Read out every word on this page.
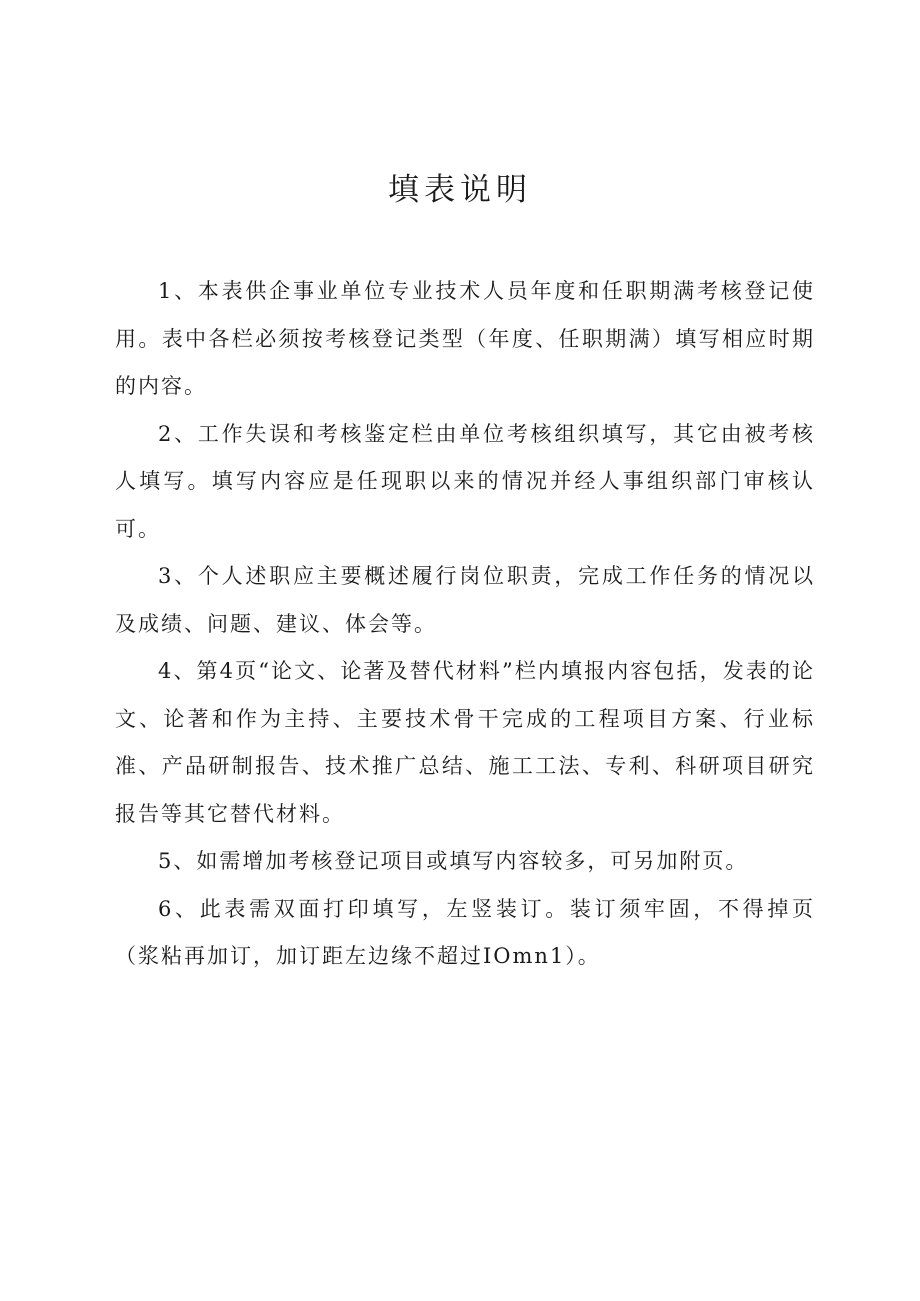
填表说明

1、本表供企事业单位专业技术人员年度和任职期满考核登记使用。表中各栏必须按考核登记类型（年度、任职期满）填写相应时期的内容。

2、工作失误和考核鉴定栏由单位考核组织填写，其它由被考核人填写。填写内容应是任现职以来的情况并经人事组织部门审核认可。

3、个人述职应主要概述履行岗位职责，完成工作任务的情况以及成绩、问题、建议、体会等。

4、第4页“论文、论著及替代材料”栏内填报内容包括，发表的论文、论著和作为主持、主要技术骨干完成的工程项目方案、行业标准、产品研制报告、技术推广总结、施工工法、专利、科研项目研究报告等其它替代材料。

5、如需增加考核登记项目或填写内容较多，可另加附页。

6、此表需双面打印填写，左竖装订。装订须牢固，不得掉页（浆粘再加订，加订距左边缘不超过IOmn1）。
